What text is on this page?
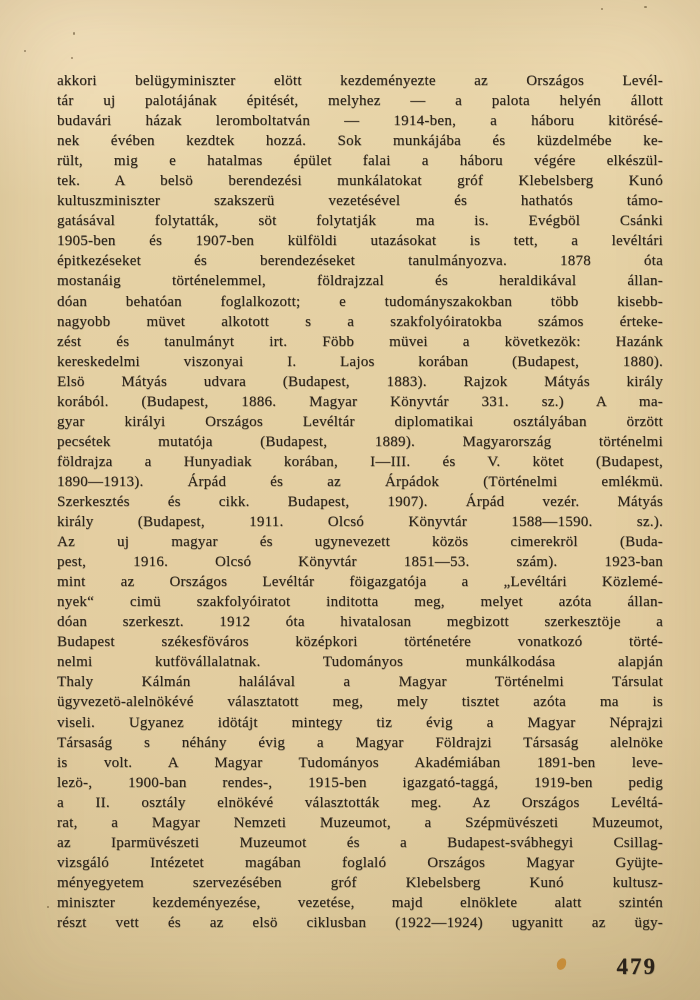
akkori belügyminiszter elött kezdeményezte az Országos Levél-
tár uj palotájának épitését, melyhez — a palota helyén állott
budavári házak leromboltatván — 1914-ben, a háboru kitörésé-
nek évében kezdtek hozzá. Sok munkájába és küzdelmébe ke-
rült, mig e hatalmas épület falai a háboru végére elkészül-
tek. A belsö berendezési munkálatokat gróf Klebelsberg Kunó
kultuszminiszter szakszerü vezetésével és hathatós támo-
gatásával folytatták, söt folytatják ma is. Evégböl Csánki
1905-ben és 1907-ben külföldi utazásokat is tett, a levéltári
épitkezéseket és berendezéseket tanulmányozva. 1878 óta
mostanáig történelemmel, földrajzzal és heraldikával állan-
dóan behatóan foglalkozott; e tudományszakokban több kisebb-
nagyobb müvet alkotott s a szakfolyóiratokba számos érteke-
zést és tanulmányt irt. Föbb müvei a következök: Hazánk
kereskedelmi viszonyai I. Lajos korában (Budapest, 1880).
Elsö Mátyás udvara (Budapest, 1883). Rajzok Mátyás király
korából. (Budapest, 1886. Magyar Könyvtár 331. sz.) A ma-
gyar királyi Országos Levéltár diplomatikai osztályában örzött
pecsétek mutatója (Budapest, 1889). Magyarország történelmi
földrajza a Hunyadiak korában, I—III. és V. kötet (Budapest,
1890—1913). Árpád és az Árpádok (Történelmi emlékmü.
Szerkesztés és cikk. Budapest, 1907). Árpád vezér. Mátyás
király (Budapest, 1911. Olcsó Könyvtár 1588—1590. sz.).
Az uj magyar és ugynevezett közös cimerekröl (Buda-
pest, 1916. Olcsó Könyvtár 1851—53. szám). 1923-ban
mint az Országos Levéltár föigazgatója a „Levéltári Közlemé-
nyek“ cimü szakfolyóiratot inditotta meg, melyet azóta állan-
dóan szerkeszt. 1912 óta hivatalosan megbizott szerkesztöje a
Budapest székesföváros középkori történetére vonatkozó törté-
nelmi kutfövállalatnak. Tudományos munkálkodása alapján
Thaly Kálmán halálával a Magyar Történelmi Társulat
ügyvezetö-alelnökévé választatott meg, mely tisztet azóta ma is
viseli. Ugyanez idötájt mintegy tiz évig a Magyar Néprajzi
Társaság s néhány évig a Magyar Földrajzi Társaság alelnöke
is volt. A Magyar Tudományos Akadémiában 1891-ben leve-
lezö-, 1900-ban rendes-, 1915-ben igazgató-taggá, 1919-ben pedig
a II. osztály elnökévé választották meg. Az Országos Levéltá-
rat, a Magyar Nemzeti Muzeumot, a Szépmüvészeti Muzeumot,
az Iparmüvészeti Muzeumot és a Budapest-svábhegyi Csillag-
vizsgáló Intézetet magában foglaló Országos Magyar Gyüjte-
ményegyetem szervezésében gróf Klebelsberg Kunó kultusz-
miniszter kezdeményezése, vezetése, majd elnöklete alatt szintén
részt vett és az elsö ciklusban (1922—1924) ugyanitt az ügy-
479
